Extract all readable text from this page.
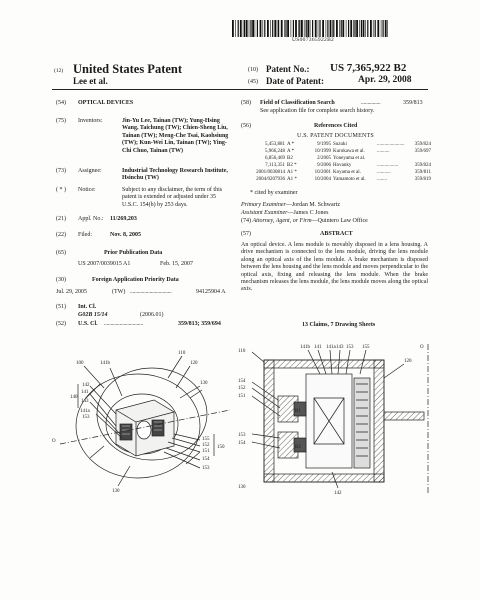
US007365922B2
(12) United States Patent
Lee et al.
(10) Patent No.: US 7,365,922 B2
(45) Date of Patent:	Apr. 29, 2008
(54) OPTICAL DEVICES
(75) Inventors:	Jin-Yu Lee, Tainan (TW); Yung-Hsing Wang, Taichung (TW); Chien-Sheng Liu, Tainan (TW); Meng-Che Tsai, Kaohsiung (TW); Kun-Wei Lin, Tainan (TW); Ying-Chi Chuo, Tainan (TW)
(73) Assignee:	Industrial Technology Research Institute, Hsinchu (TW)
( * ) Notice:	Subject to any disclaimer, the term of this patent is extended or adjusted under 35 U.S.C. 154(b) by 253 days.
(21) Appl. No.: 11/269,203
(22) Filed:	Nov. 8, 2005
(65)	Prior Publication Data
US 2007/0039015 A1	Feb. 15, 2007
(30)	Foreign Application Priority Data
Jul. 29, 2005	(TW) ................................	94125904 A
(51) Int. Cl.
G02B 15/14	(2006.01)
(52) U.S. Cl. ..............................	359/813; 359/694
(58) Field of Classification Search	...............	359/813
See application file for complete search history.
(56)	References Cited
U.S. PATENT DOCUMENTS
5,453,881 A *	9/1995 Suzuki	...................... 359/824
5,966,248 A *	10/1999 Kurokawa et al. ..........	359/697
6,856,469 B2	2/2005 Yoneyama et al.
7,113,351 B2 *	9/2006 Hovanky	.................	359/824
2001/0030814 A1 *	10/2001 Koyama et al.	...........	359/811
2004/0207936 A1 *	10/2004 Yamamoto et al. ........	359/819
* cited by examiner
Primary Examiner—Jordan M. Schwartz
Assistant Examiner—James C Jones
(74) Attorney, Agent, or Firm—Quintero Law Office
(57)	ABSTRACT
An optical device. A lens module is movably disposed in a lens housing. A drive mechanism is connected to the lens module, driving the lens module along an optical axis of the lens module. A brake mechanism is disposed between the lens housing and the lens module and moves perpendicular to the optical axis, fixing and releasing the lens module. When the brake mechanism releases the lens module, the lens module moves along the optical axis.
13 Claims, 7 Drawing Sheets
100	141b
110
120
130
142
141
140
143
141a
153
155
152
151
150
154
153
O
130
141b 141 141a 143 153 155	O
120
110
154
152
151
B1
B2
153
154
130
142
